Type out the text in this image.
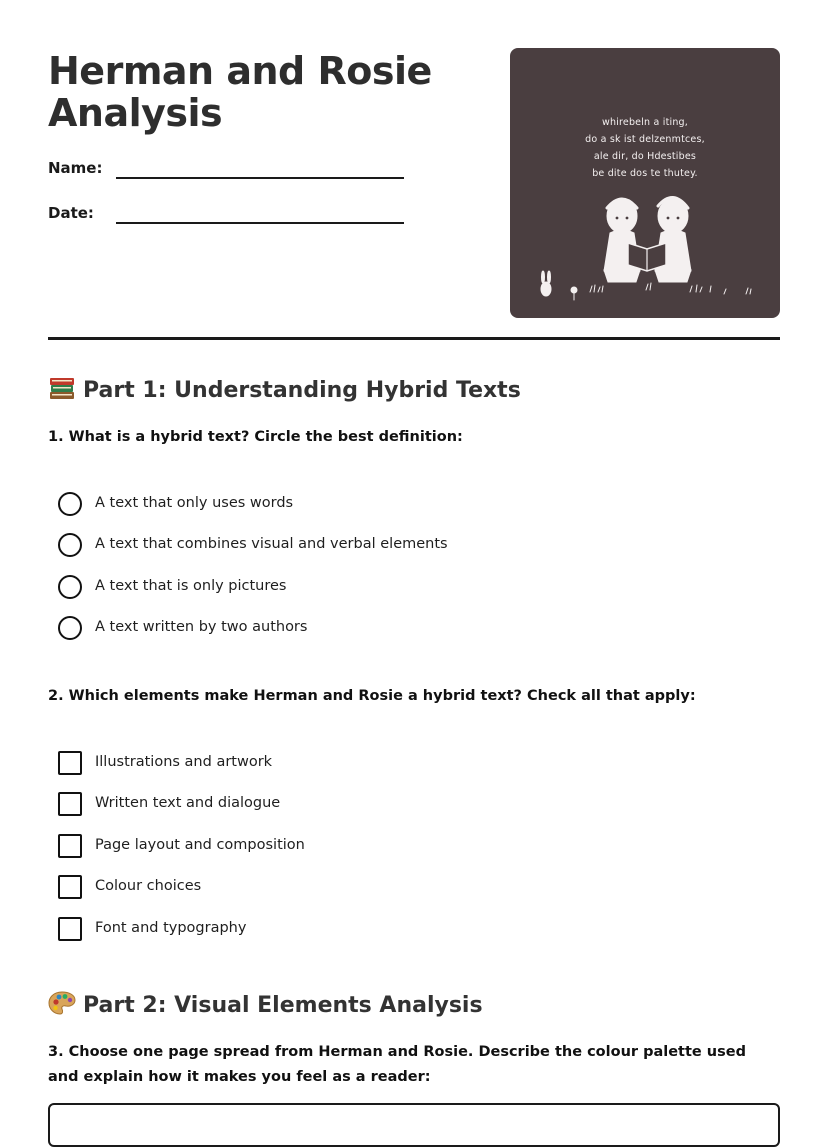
Herman and Rosie
Analysis
Name:
Date:
whirebeln a iting,
do a sk ist delzenmtces,
ale dir, do Hdestibes
be dite dos te thutey.
Part 1: Understanding Hybrid Texts
1. What is a hybrid text? Circle the best definition:
A text that only uses words
A text that combines visual and verbal elements
A text that is only pictures
A text written by two authors
2. Which elements make Herman and Rosie a hybrid text? Check all that apply:
Illustrations and artwork
Written text and dialogue
Page layout and composition
Colour choices
Font and typography
Part 2: Visual Elements Analysis
3. Choose one page spread from Herman and Rosie. Describe the colour palette used and explain how it makes you feel as a reader:
